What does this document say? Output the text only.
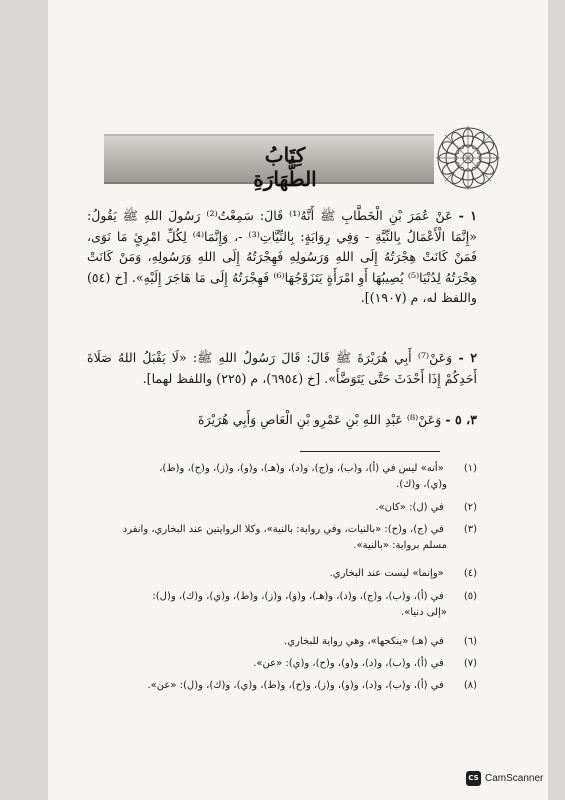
كِتَابُ الطَّهَارَةِ
١ - عَنْ عُمَرَ بْنِ الْخَطَّابِ ﷺ أَنَّهُ⁽¹⁾ قَالَ: سَمِعْتُ⁽²⁾ رَسُولَ اللهِ ﷺ يَقُولُ: «إِنَّمَا الْأَعْمَالُ بِالنِّيَّةِ - وَفِي رِوَايَةٍ: بِالنِّيَّاتِ⁽³⁾ -، وَإِنَّمَا⁽⁴⁾ لِكُلِّ امْرِئٍ مَا نَوَى، فَمَنْ كَانَتْ هِجْرَتُهُ إِلَى اللهِ وَرَسُولِهِ فَهِجْرَتُهُ إِلَى اللهِ وَرَسُولِهِ، وَمَنْ كَانَتْ هِجْرَتُهُ لِدُنْيَا⁽⁵⁾ يُصِيبُهَا أَوِ امْرَأَةٍ يَتَزَوَّجُهَا⁽⁶⁾ فَهِجْرَتُهُ إِلَى مَا هَاجَرَ إِلَيْهِ». [خ (٥٤) واللفظ له، م (١٩٠٧)].
٢ - وَعَنْ⁽⁷⁾ أَبِي هُرَيْرَةَ ﷺ قَالَ: قَالَ رَسُولُ اللهِ ﷺ: «لَا يَقْبَلُ اللهُ صَلَاةَ أَحَدِكُمْ إِذَا أَحْدَثَ حَتَّى يَتَوَضَّأَ». [خ (٦٩٥٤)، م (٢٢٥) واللفظ لهما].
٣، ٥ - وَعَنْ⁽⁸⁾ عَبْدِ اللهِ بْنِ عَمْرِو بْنِ الْعَاصِ وَأَبِي هُرَيْرَةَ
(١) «أنه» ليس في (أ)، و(ب)، و(ج)، و(د)، و(هـ)، و(و)، و(ز)، و(ح)، و(ط)،
و(ي)، و(ك).
(٢) في (ل): «كان».
(٣) في (ج)، و(ح): «بالنيات، وفي رواية: بالنية»، وكلا الروايتين عند البخاري، وانفرد
مسلم برواية: «بالنية».
(٤) «وإنما» ليست عند البخاري.
(٥) في (أ)، و(ب)، و(ج)، و(د)، و(هـ)، و(و)، و(ز)، و(ط)، و(ي)، و(ك)، و(ل):
«إلى دنيا».
(٦) في (هـ) «ينكحها»، وهي رواية للبخاري.
(٧) في (أ)، و(ب)، و(د)، و(و)، و(ح)، و(ي): «عن».
(٨) في (أ)، و(ب)، و(د)، و(و)، و(ز)، و(ح)، و(ط)، و(ي)، و(ك)، و(ل): «عن».
CS CamScanner
